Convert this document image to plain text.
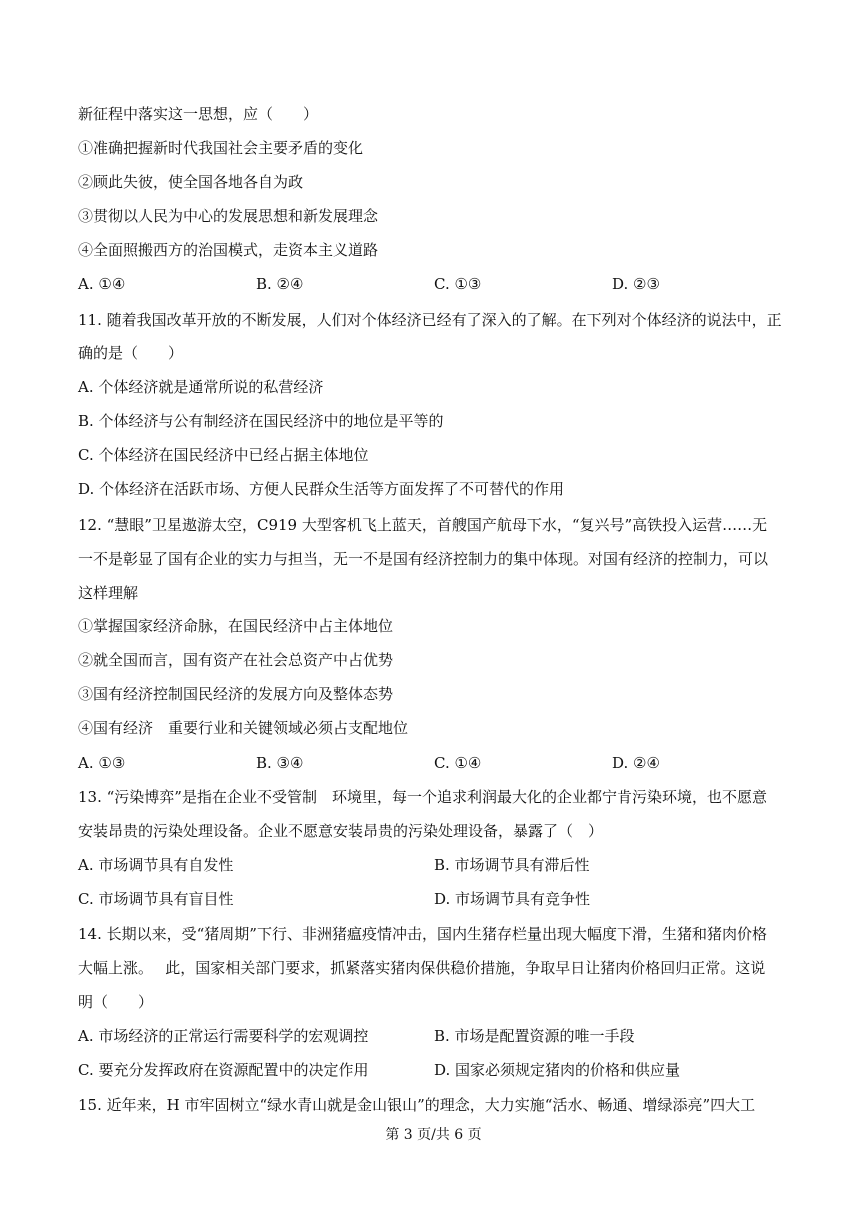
新征程中落实这一思想，应（　　）
①准确把握新时代我国社会主要矛盾的变化
②顾此失彼，使全国各地各自为政
③贯彻以人民为中心的发展思想和新发展理念
④全面照搬西方的治国模式，走资本主义道路
A. ①④	B. ②④	C. ①③	D. ②③
11. 随着我国改革开放的不断发展，人们对个体经济已经有了深入的了解。在下列对个体经济的说法中，正
确的是（　　）
A. 个体经济就是通常所说的私营经济
B. 个体经济与公有制经济在国民经济中的地位是平等的
C. 个体经济在国民经济中已经占据主体地位
D. 个体经济在活跃市场、方便人民群众生活等方面发挥了不可替代的作用
12. “慧眼”卫星遨游太空，C919 大型客机飞上蓝天，首艘国产航母下水，“复兴号”高铁投入运营……无
一不是彰显了国有企业的实力与担当，无一不是国有经济控制力的集中体现。对国有经济的控制力，可以
这样理解
①掌握国家经济命脉，在国民经济中占主体地位
②就全国而言，国有资产在社会总资产中占优势
③国有经济控制国民经济的发展方向及整体态势
④国有经济　重要行业和关键领域必须占支配地位
A. ①③	B. ③④	C. ①④	D. ②④
13. “污染博弈”是指在企业不受管制　环境里，每一个追求利润最大化的企业都宁肯污染环境，也不愿意
安装昂贵的污染处理设备。企业不愿意安装昂贵的污染处理设备，暴露了（　）
A. 市场调节具有自发性	B. 市场调节具有滞后性
C. 市场调节具有盲目性	D. 市场调节具有竞争性
14. 长期以来，受“猪周期”下行、非洲猪瘟疫情冲击，国内生猪存栏量出现大幅度下滑，生猪和猪肉价格
大幅上涨。　 此，国家相关部门要求，抓紧落实猪肉保供稳价措施，争取早日让猪肉价格回归正常。这说
明（　　）
A. 市场经济的正常运行需要科学的宏观调控	B. 市场是配置资源的唯一手段
C. 要充分发挥政府在资源配置中的决定作用	D. 国家必须规定猪肉的价格和供应量
15. 近年来，H 市牢固树立“绿水青山就是金山银山”的理念，大力实施“活水、畅通、增绿添亮”四大工
第 3 页/共 6 页
